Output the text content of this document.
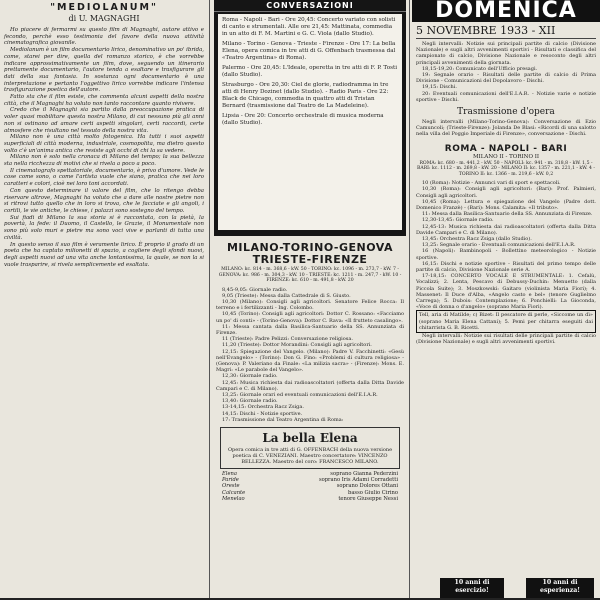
"MEDIOLANUM"
di U. MAGNAGHI

Ho piacere di fermarmi su questo film di Magnaghi, autore attivo e fecondo, perchè esso testimonia del favore della nuova attività cinematografica giovanile.

Mediolanum è un film documentario lirico, denominativo un po' ibrida, come, starei per dire, quella del romanzo storico, è che vorrebbe indicare approssimativamente un film, dove, seguendo un itinerario prettamente documentario, l'autore tenda a esaltare e trasfigurare gli dati della sua fantasia. In sostanza ogni documentario è una interpretazione e pertanto l'oggettivo lirico vorrebbe indicare l'intensa trasfigurazione poetica dell'autore.

Fatto sta che il film esiste, che commenta alcuni aspetti della nostra città, che il Magnaghi ha voluto non tanto raccontare quanto rivivere.

Credo che il Magnaghi sia partito dalla preoccupazione pratica di voler quasi mobilitare questa nostra Milano, di cui nessuno più gli anni non si ostinano ad amare certi aspetti singolari, certi raccordi, certe atmosfere che risultano nel tessuto della nostra vita.

Milano non è una città molto fotogenica. Ha tutti i suoi aspetti superficiali di città moderna, industriale, cosmopolita, ma dietro questo volto c'è un'anima antica che resiste agli occhi di chi la sa vedere.

Milano non è solo nella cronaca di Milano del tempo; la sua bellezza sta nella ricchezza di motivi che si rivela a poco a poco.

Il cinematografo spettatoriale, documentario, è privo d'umore. Vede le cose come sono, o come l'artista vuole che siano, pratica che nei loro caratteri e colori, cioè nei loro toni accordati.

Con questo determinare il valore del film, che lo ritengo debba riservare altrove, Magnaghi ha voluto che a dare alle nostre pietre non si ritrovi tutto quello che in loro si trova, che le facciate e gli angoli, i cortili, le vie antiche, le chiese, i palazzi sono sostegno del tempo.

Sui fiadi di Milano la sua storia si è raccontata, con la pietà, la povertà, la fede: il Duomo, il Castello, le Grazie, il Monumentale non sono più solo muri e pietre ma sono voci vive e parlanti di tutta una civiltà.

In questo senso il suo film è veramente lirico. È proprio il grado di un poeta che ha captato milionetti di spazio, a cogliere degli sfondi nuovi, degli aspetti nuovi ad una vita anche lontanissima, la quale, se non la si vuole trasparire, si rivela semplicemente ed esaltata.

CONVERSAZIONI

Roma - Napoli - Bari - Ore 20,45: Concerto variato con solisti di canto e strumentali. Alle ore 21,45: Mattinata, commedia in un atto di F. M. Martini e G. C. Viola (dallo Studio).

Milano - Torino - Genova - Trieste - Firenze - Ore 17: La bella Elena, opera comica in tre atti di G. Offenbach trasmessa dal «Teatro Argentina» di Roma).

Palermo - Ore 20,45: L'Ideale, operetta in tre atti di F. P. Tosti (dallo Studio).

Strasburgo - Ore 20,30: Ciel de glorie, radiodramma in tre atti di Henry Dozinet (dallo Studio). - Radio Paris - Ore 22: Black de Chicago, commedia in quattro atti di Tristan Bernard (trasmissione dal Teatro de La Madeleine).

Lipsia - Ore 20: Concerto orchestrale di musica moderna (dallo Studio).

MILANO-TORINO-GENOVA TRIESTE-FIRENZE
MILANO: kc. 814 - m. 368,6 - kW. 50 - TORINO: kc. 1096 - m. 273,7 - kW. 7 - GENOVA: kc. 986 - m. 304,3 - kW. 10 - TRIESTE: kc. 1211 - m. 247,7 - kW. 10 - FIRENZE: kc. 610 - m. 491,8 - kW. 20

8,45-9,05: Giornale radio.

9,05 (Trieste): Messa dalla Cattedrale di S. Giusto.

10,30 (Milano): Consigli agli agricoltori. Senatore Felice Rocca: Il terreno e i fertilizzanti - Ing. Colombo.

10,45 (Torino): Consigli agli agricoltori: Dottor C. Rossano: «Facciamo un po' di conti» - (Torino-Genova): Dottor C. Rava: «Il frutteto casalingo».

11: Messa cantata dalla Basilica-Santuario della SS. Annunziata di Firenze.

11 (Trieste): Padre Pelizzi: Conversazione religiosa.

11,20 (Trieste): Dottor Morandini: Consigli agli agricoltori.

12,15: Spiegazione del Vangelo. (Milano): Padre V. Facchinetti: «Gesù nell'Evangelo» - (Torino): Don G. Fino: «Problemi di cultura religiosa» - (Genova): P. Valeriano da Finale: «La milizia sacra» - (Firenze): Mons. E. Magri: «Le parabole del Vangelo».

12,30: Giornale radio.

12,45: Musica richiesta dai radioascoltatori (offerta dalla Ditta Davide Campari e C. di Milano).

13,25: Giornale orari ed eventuali comunicazioni dell'E.I.A.R.

13,40: Giornale radio.

13-14,15: Orchestra Racz Zsiga.

14,15: Dischi - Notizie sportive.

17: Trasmissione dal Teatro Argentina di Roma:

La bella Elena
Opera comica in tre atti di G. OFFENBACH della nuova versione poetica di C. VENEZIANI. Maestro concertatore: VINCENZO BELLEZZA. Maestro del coro: FRANCESCO MILANO.
Elena	soprano Gianna Pederzini
Paride	soprano Iris Adami Corradetti
Oreste	soprano Dolores Ottani
Calcante	basso Giulio Cirino
Menelao	tenore Giuseppe Nessi
DOMENICA
5 NOVEMBRE 1933 - XII

Negli intervalli: Notizie sui principali partite di calcio (Divisione Nazionale) e sugli altri avvenimenti sportivi - Risultati e classifica del campionato di calcio, Divisione Nazionale e resoconto degli altri principali avvenimenti della giornata.

18,15-19,20: Comunicato dell'Ufficio presagi.

19: Segnale orario - Risultati delle partite di calcio di Prima Divisione - Comunicazioni del Dopolavoro - Dischi.

19,15: Dischi.

20: Eventuali comunicazioni dell'E.I.A.R. - Notizie varie e notizie sportive - Dischi.

Trasmissione d'opera

Negli intervalli (Milano-Torino-Genova): Conversazione di Ezio Camuncoli; (Trieste-Firenze): Jolanda De Blasi: «Ricordi di una salotto nella villa del Poggio Imperiale di Firenze», conversazione - Dischi.

ROMA - NAPOLI - BARI
MILANO II - TORINO II
ROMA: kc. 680 - m. 441,2 - kW. 50 - NAPOLI: kc. 941 - m. 318,8 - kW. 1,5 - BARI: kc. 1112 - m. 269,8 - kW. 20 - MILANO II: kc. 1357 - m. 221,1 - kW. 4 - TORINO II: kc. 1366 - m. 219,6 - kW. 0,2

10 (Roma): Notizie - Annunci vari di sport e spettacoli.

10,30 (Roma): Consigli agli agricoltori: (Bari): Prof. Palmieri, Consigli agli agricoltori.

10,45 (Roma): Lettura e spiegazione del Vangelo (Padre dott. Domenico Franzè) - (Bari): Mons. Calamita: «Il tributo».

11: Messa dalla Basilica-Santuario della SS. Annunziata di Firenze.

12,30-13,45: Giornale radio.

12,45-13: Musica richiesta dai radioascoltatori (offerta dalla Ditta Davide Campari e C. di Milano).

13,45: Orchestra Racz Zsiga (dallo Studio).

13,25: Segnale orario - Eventuali comunicazioni dell'E.I.A.R.

16 (Napoli): Bambinopoli - Bollettino meteorologico - Notizie sportive.

16,15: Dischi e notizie sportive - Risultati del primo tempo delle partite di calcio, Divisione Nazionale serie A.

17-18,15: CONCERTO VOCALE E STRUMENTALE: 1. Cefalù, Vocalizzi; 2. Lenta, Pescavo di Debussy-Duchin: Menuetto (dalla Piccola Suite); 3. Moszkowski: Gaitaro (violinista Maria Fiori); 4. Massenet: Il Duce d'Alba, «Angelo casto e bel» (tenore Guglielmo Carrega); 5. Dubois: Contemplazione; 6. Ponchielli: La Gioconda, «Voce di donna o d'angelo» (soprano Maria Fiori).

Tell, aria di Matilde; c) Bizet: Il pescatore di perle, «Siccome un dì» (soprano Maria Elena Cattani); 5. Pemi per chitarra eseguiti dai chitarrista G. B. Ricetti.

Negli intervalli: Notizie sui risultati delle principali partite di calcio (Divisione Nazionale) e sugli altri avvenimenti sportivi.

10 anni di esercizio!
10 anni di esperienza!
